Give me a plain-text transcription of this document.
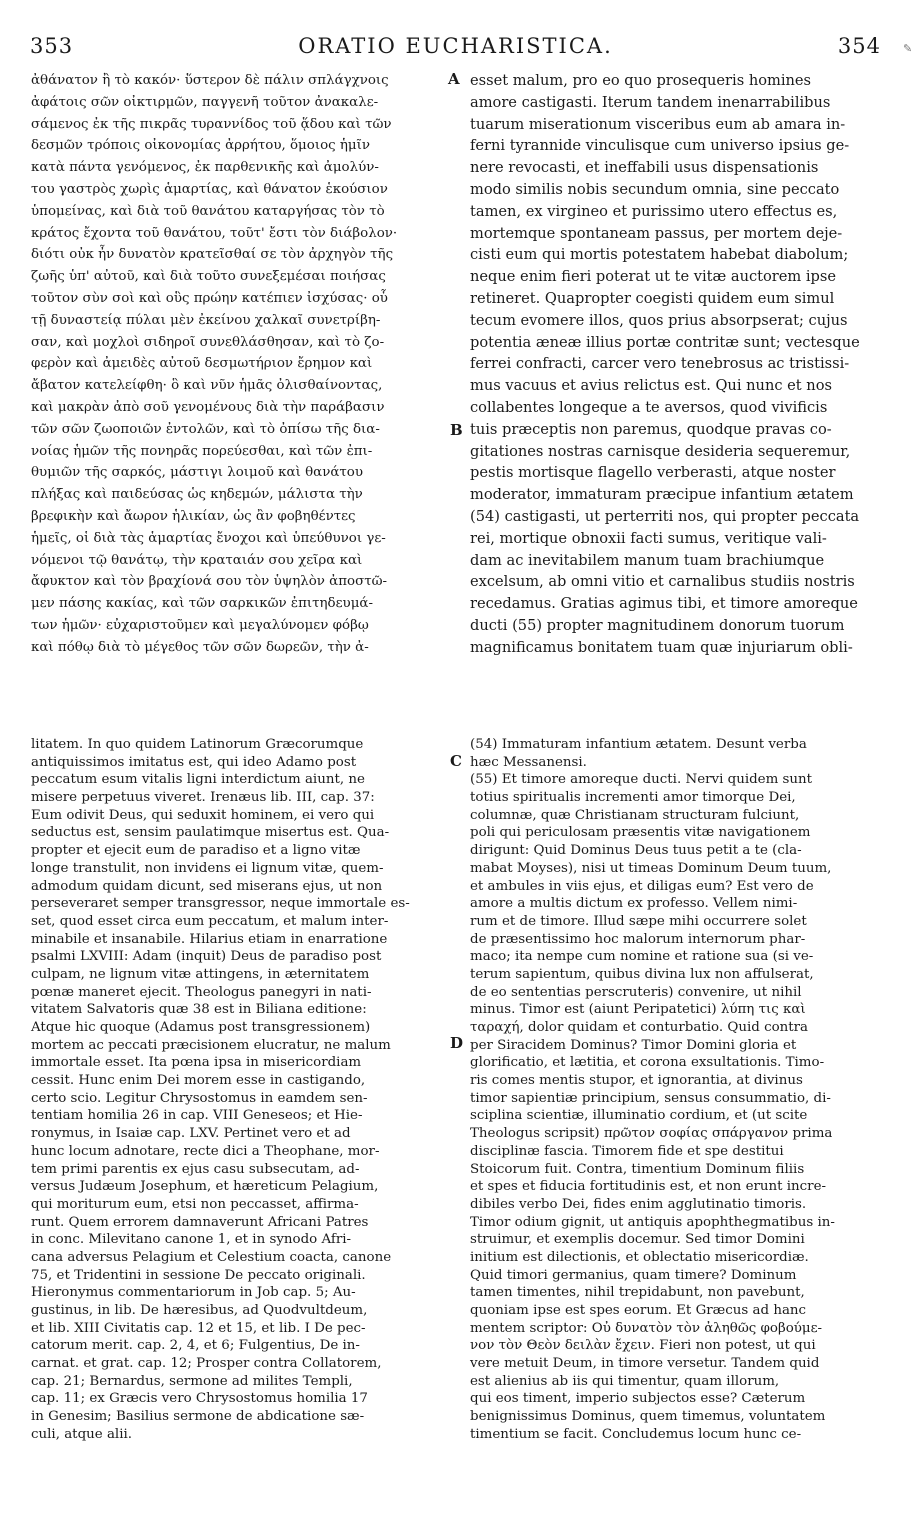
353	ORATIO EUCHARISTICA.	354 ✎
ἀθάνατον ἢ τὸ κακόν· ὕστερον δὲ πάλιν σπλάγχνοις
ἀφάτοις σῶν οἰκτιρμῶν, παγγενῆ τοῦτον ἀνακαλε-
σάμενος ἐκ τῆς πικρᾶς τυραννίδος τοῦ ᾅδου καὶ τῶν
δεσμῶν τρόποις οἰκονομίας ἀρρήτου, ὅμοιος ἡμῖν
κατὰ πάντα γενόμενος, ἐκ παρθενικῆς καὶ ἀμολύν-
του γαστρὸς χωρὶς ἁμαρτίας, καὶ θάνατον ἑκούσιον
ὑπομείνας, καὶ διὰ τοῦ θανάτου καταργήσας τὸν τὸ
κράτος ἔχοντα τοῦ θανάτου, τοῦτ' ἔστι τὸν διάβολον·
διότι οὐκ ἦν δυνατὸν κρατεῖσθαί σε τὸν ἀρχηγὸν τῆς
ζωῆς ὑπ' αὐτοῦ, καὶ διὰ τοῦτο συνεξεμέσαι ποιήσας
τοῦτον σὺν σοὶ καὶ οὓς πρώην κατέπιεν ἰσχύσας· οὗ
τῇ δυναστείᾳ πύλαι μὲν ἐκείνου χαλκαῖ συνετρίβη-
σαν, καὶ μοχλοὶ σιδηροῖ συνεθλάσθησαν, καὶ τὸ ζο-
φερὸν καὶ ἀμειδὲς αὐτοῦ δεσμωτήριον ἔρημον καὶ
ἄβατον κατελείφθη· ὃ καὶ νῦν ἡμᾶς ὀλισθαίνοντας,
καὶ μακρὰν ἀπὸ σοῦ γενομένους διὰ τὴν παράβασιν
τῶν σῶν ζωοποιῶν ἐντολῶν, καὶ τὸ ὀπίσω τῆς δια-
νοίας ἡμῶν τῆς πονηρᾶς πορεύεσθαι, καὶ τῶν ἐπι-
θυμιῶν τῆς σαρκός, μάστιγι λοιμοῦ καὶ θανάτου
πλήξας καὶ παιδεύσας ὡς κηδεμών, μάλιστα τὴν
βρεφικὴν καὶ ἄωρον ἡλικίαν, ὡς ἂν φοβηθέντες
ἡμεῖς, οἱ διὰ τὰς ἁμαρτίας ἔνοχοι καὶ ὑπεύθυνοι γε-
νόμενοι τῷ θανάτῳ, τὴν κραταιάν σου χεῖρα καὶ
ἄφυκτον καὶ τὸν βραχίονά σου τὸν ὑψηλὸν ἀποστῶ-
μεν πάσης κακίας, καὶ τῶν σαρκικῶν ἐπιτηδευμά-
των ἡμῶν· εὐχαριστοῦμεν καὶ μεγαλύνομεν φόβῳ
καὶ πόθῳ διὰ τὸ μέγεθος τῶν σῶν δωρεῶν, τὴν ἀ-
esset malum, pro eo quo prosequeris homines
amore castigasti. Iterum tandem inenarrabilibus
tuarum miserationum visceribus eum ab amara in-
ferni tyrannide vinculisque cum universo ipsius ge-
nere revocasti, et ineffabili usus dispensationis
modo similis nobis secundum omnia, sine peccato
tamen, ex virgineo et purissimo utero effectus es,
mortemque spontaneam passus, per mortem deje-
cisti eum qui mortis potestatem habebat diabolum;
neque enim fieri poterat ut te vitæ auctorem ipse
retineret. Quapropter coegisti quidem eum simul
tecum evomere illos, quos prius absorpserat; cujus
potentia æneæ illius portæ contritæ sunt; vectesque
ferrei confracti, carcer vero tenebrosus ac tristissi-
mus vacuus et avius relictus est. Qui nunc et nos
collabentes longeque a te aversos, quod vivificis
tuis præceptis non paremus, quodque pravas co-
gitationes nostras carnisque desideria sequeremur,
pestis mortisque flagello verberasti, atque noster
moderator, immaturam præcipue infantium ætatem
(54) castigasti, ut perterriti nos, qui propter peccata
rei, mortique obnoxii facti sumus, veritique vali-
dam ac inevitabilem manum tuam brachiumque
excelsum, ab omni vitio et carnalibus studiis nostris
recedamus. Gratias agimus tibi, et timore amoreque
ducti (55) propter magnitudinem donorum tuorum
magnificamus bonitatem tuam quæ injuriarum obli-
A
B
C
D
litatem. In quo quidem Latinorum Græcorumque
antiquissimos imitatus est, qui ideo Adamo post
peccatum esum vitalis ligni interdictum aiunt, ne
misere perpetuus viveret. Irenæus lib. III, cap. 37:
Eum odivit Deus, qui seduxit hominem, ei vero qui
seductus est, sensim paulatimque misertus est. Qua-
propter et ejecit eum de paradiso et a ligno vitæ
longe transtulit, non invidens ei lignum vitæ, quem-
admodum quidam dicunt, sed miserans ejus, ut non
perseveraret semper transgressor, neque immortale es-
set, quod esset circa eum peccatum, et malum inter-
minabile et insanabile. Hilarius etiam in enarratione
psalmi LXVIII: Adam (inquit) Deus de paradiso post
culpam, ne lignum vitæ attingens, in æternitatem
pœnæ maneret ejecit. Theologus panegyri in nati-
vitatem Salvatoris quæ 38 est in Biliana editione:
Atque hic quoque (Adamus post transgressionem)
mortem ac peccati præcisionem elucratur, ne malum
immortale esset. Ita pœna ipsa in misericordiam
cessit. Hunc enim Dei morem esse in castigando,
certo scio. Legitur Chrysostomus in eamdem sen-
tentiam homilia 26 in cap. VIII Geneseos; et Hie-
ronymus, in Isaiæ cap. LXV. Pertinet vero et ad
hunc locum adnotare, recte dici a Theophane, mor-
tem primi parentis ex ejus casu subsecutam, ad-
versus Judæum Josephum, et hæreticum Pelagium,
qui moriturum eum, etsi non peccasset, affirma-
runt. Quem errorem damnaverunt Africani Patres
in conc. Milevitano canone 1, et in synodo Afri-
cana adversus Pelagium et Celestium coacta, canone
75, et Tridentini in sessione De peccato originali.
Hieronymus commentariorum in Job cap. 5; Au-
gustinus, in lib. De hæresibus, ad Quodvultdeum,
et lib. XIII Civitatis cap. 12 et 15, et lib. I De pec-
catorum merit. cap. 2, 4, et 6; Fulgentius, De in-
carnat. et grat. cap. 12; Prosper contra Collatorem,
cap. 21; Bernardus, sermone ad milites Templi,
cap. 11; ex Græcis vero Chrysostomus homilia 17
in Genesim; Basilius sermone de abdicatione sæ-
culi, atque alii.
(54) Immaturam infantium ætatem. Desunt verba
hæc Messanensi.
(55) Et timore amoreque ducti. Nervi quidem sunt
totius spiritualis incrementi amor timorque Dei,
columnæ, quæ Christianam structuram fulciunt,
poli qui periculosam præsentis vitæ navigationem
dirigunt: Quid Dominus Deus tuus petit a te (cla-
mabat Moyses), nisi ut timeas Dominum Deum tuum,
et ambules in viis ejus, et diligas eum? Est vero de
amore a multis dictum ex professo. Vellem nimi-
rum et de timore. Illud sæpe mihi occurrere solet
de præsentissimo hoc malorum internorum phar-
maco; ita nempe cum nomine et ratione sua (si ve-
terum sapientum, quibus divina lux non affulserat,
de eo sententias perscruteris) convenire, ut nihil
minus. Timor est (aiunt Peripatetici) λύπη τις καὶ
ταραχή, dolor quidam et conturbatio. Quid contra
per Siracidem Dominus? Timor Domini gloria et
glorificatio, et lætitia, et corona exsultationis. Timo-
ris comes mentis stupor, et ignorantia, at divinus
timor sapientiæ principium, sensus consummatio, di-
sciplina scientiæ, illuminatio cordium, et (ut scite
Theologus scripsit) πρῶτον σοφίας σπάργανον prima
disciplinæ fascia. Timorem fide et spe destitui
Stoicorum fuit. Contra, timentium Dominum filiis
et spes et fiducia fortitudinis est, et non erunt incre-
dibiles verbo Dei, fides enim agglutinatio timoris.
Timor odium gignit, ut antiquis apophthegmatibus in-
struimur, et exemplis docemur. Sed timor Domini
initium est dilectionis, et oblectatio misericordiæ.
Quid timori germanius, quam timere? Dominum
tamen timentes, nihil trepidabunt, non pavebunt,
quoniam ipse est spes eorum. Et Græcus ad hanc
mentem scriptor: Οὐ δυνατὸν τὸν ἀληθῶς φοβούμε-
νον τὸν Θεὸν δειλὰν ἔχειν. Fieri non potest, ut qui
vere metuit Deum, in timore versetur. Tandem quid
est alienius ab iis qui timentur, quam illorum,
qui eos timent, imperio subjectos esse? Cæterum
benignissimus Dominus, quem timemus, voluntatem
timentium se facit. Concludemus locum hunc ce-
